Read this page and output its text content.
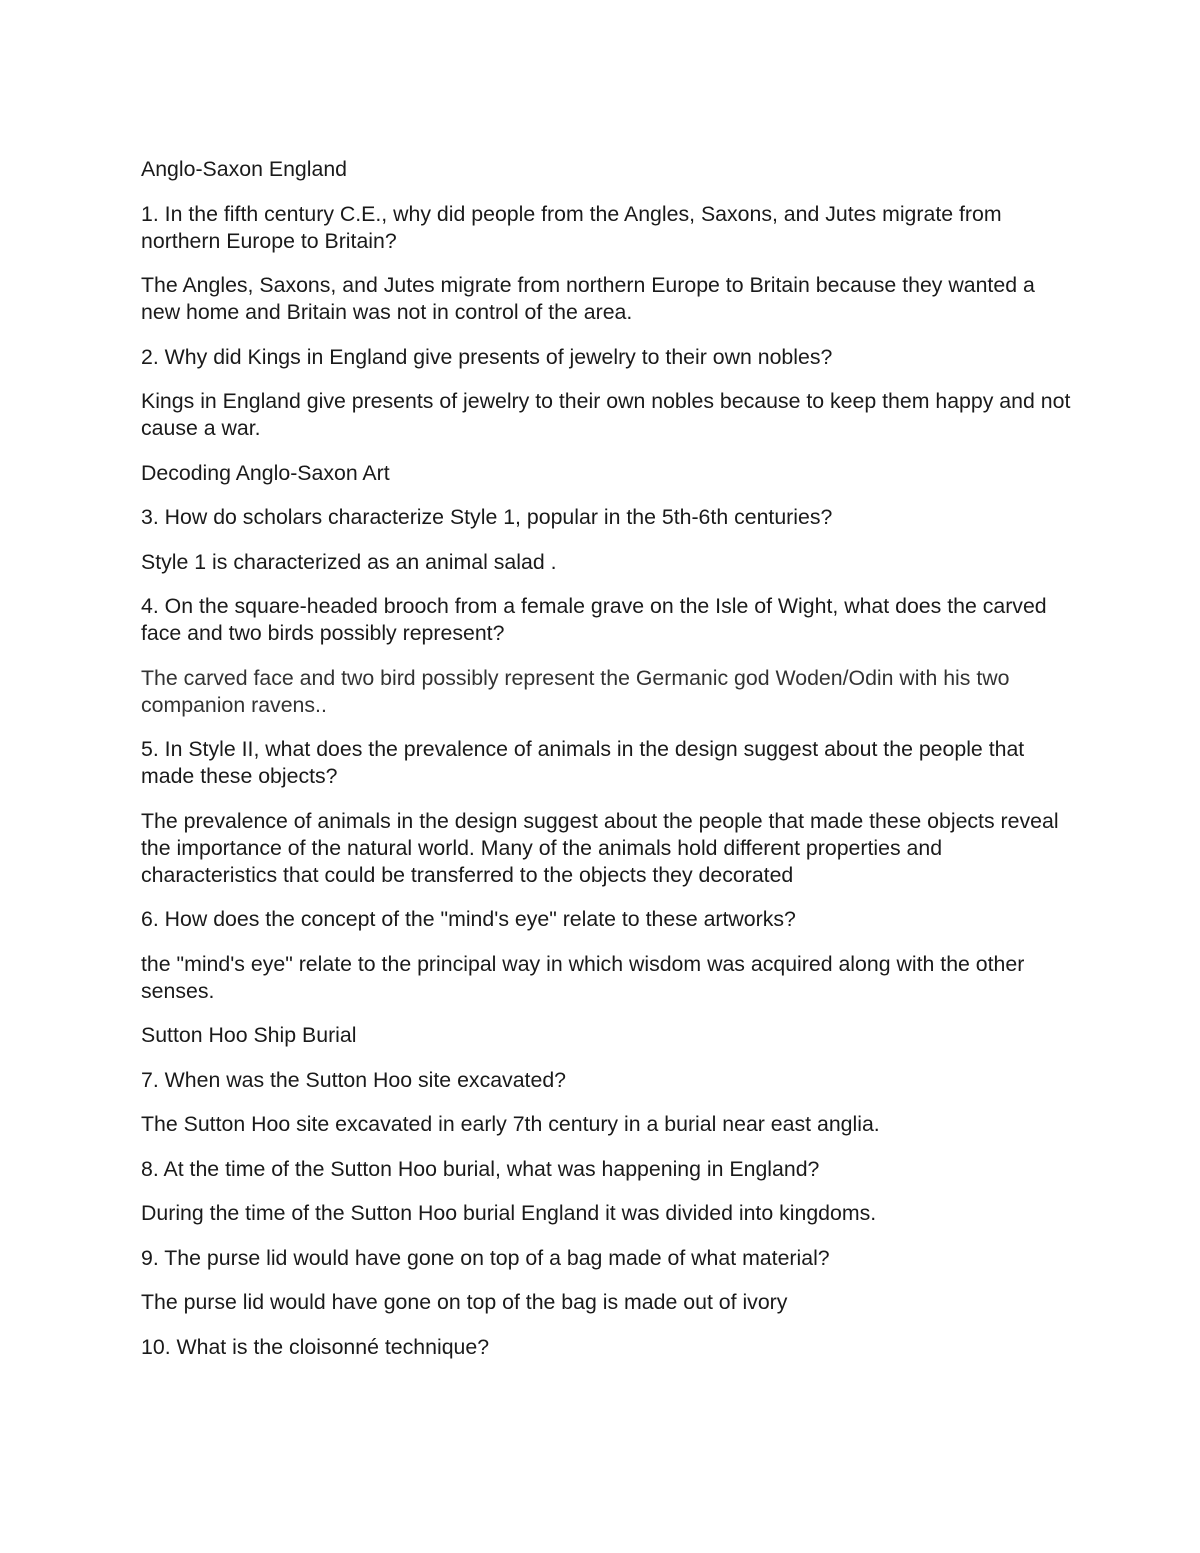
Anglo-Saxon England

1. In the fifth century C.E., why did people from the Angles, Saxons, and Jutes migrate from northern Europe to Britain?

The Angles, Saxons, and Jutes migrate from northern Europe to Britain because they wanted a new home and Britain was not in control of the area.

2. Why did Kings in England give presents of jewelry to their own nobles?

Kings in England give presents of jewelry to their own nobles because to keep them happy and not cause a war.

Decoding Anglo-Saxon Art

3. How do scholars characterize Style 1, popular in the 5th-6th centuries?

Style 1 is characterized as an animal salad .

4. On the square-headed brooch from a female grave on the Isle of Wight, what does the carved face and two birds possibly represent?

The carved face and two bird possibly represent the Germanic god Woden/Odin with his two companion ravens..

5. In Style II, what does the prevalence of animals in the design suggest about the people that made these objects?

The prevalence of animals in the design suggest about the people that made these objects reveal the importance of the natural world. Many of the animals hold different properties and characteristics that could be transferred to the objects they decorated

6. How does the concept of the "mind's eye" relate to these artworks?

the "mind's eye" relate to the principal way in which wisdom was acquired along with the other senses.

Sutton Hoo Ship Burial

7. When was the Sutton Hoo site excavated?

The Sutton Hoo site excavated in early 7th century in a burial near east anglia.

8. At the time of the Sutton Hoo burial, what was happening in England?

During the time of the Sutton Hoo burial England it was divided into kingdoms.

9. The purse lid would have gone on top of a bag made of what material?

The purse lid would have gone on top of the bag is made out of ivory

10. What is the cloisonné technique?
